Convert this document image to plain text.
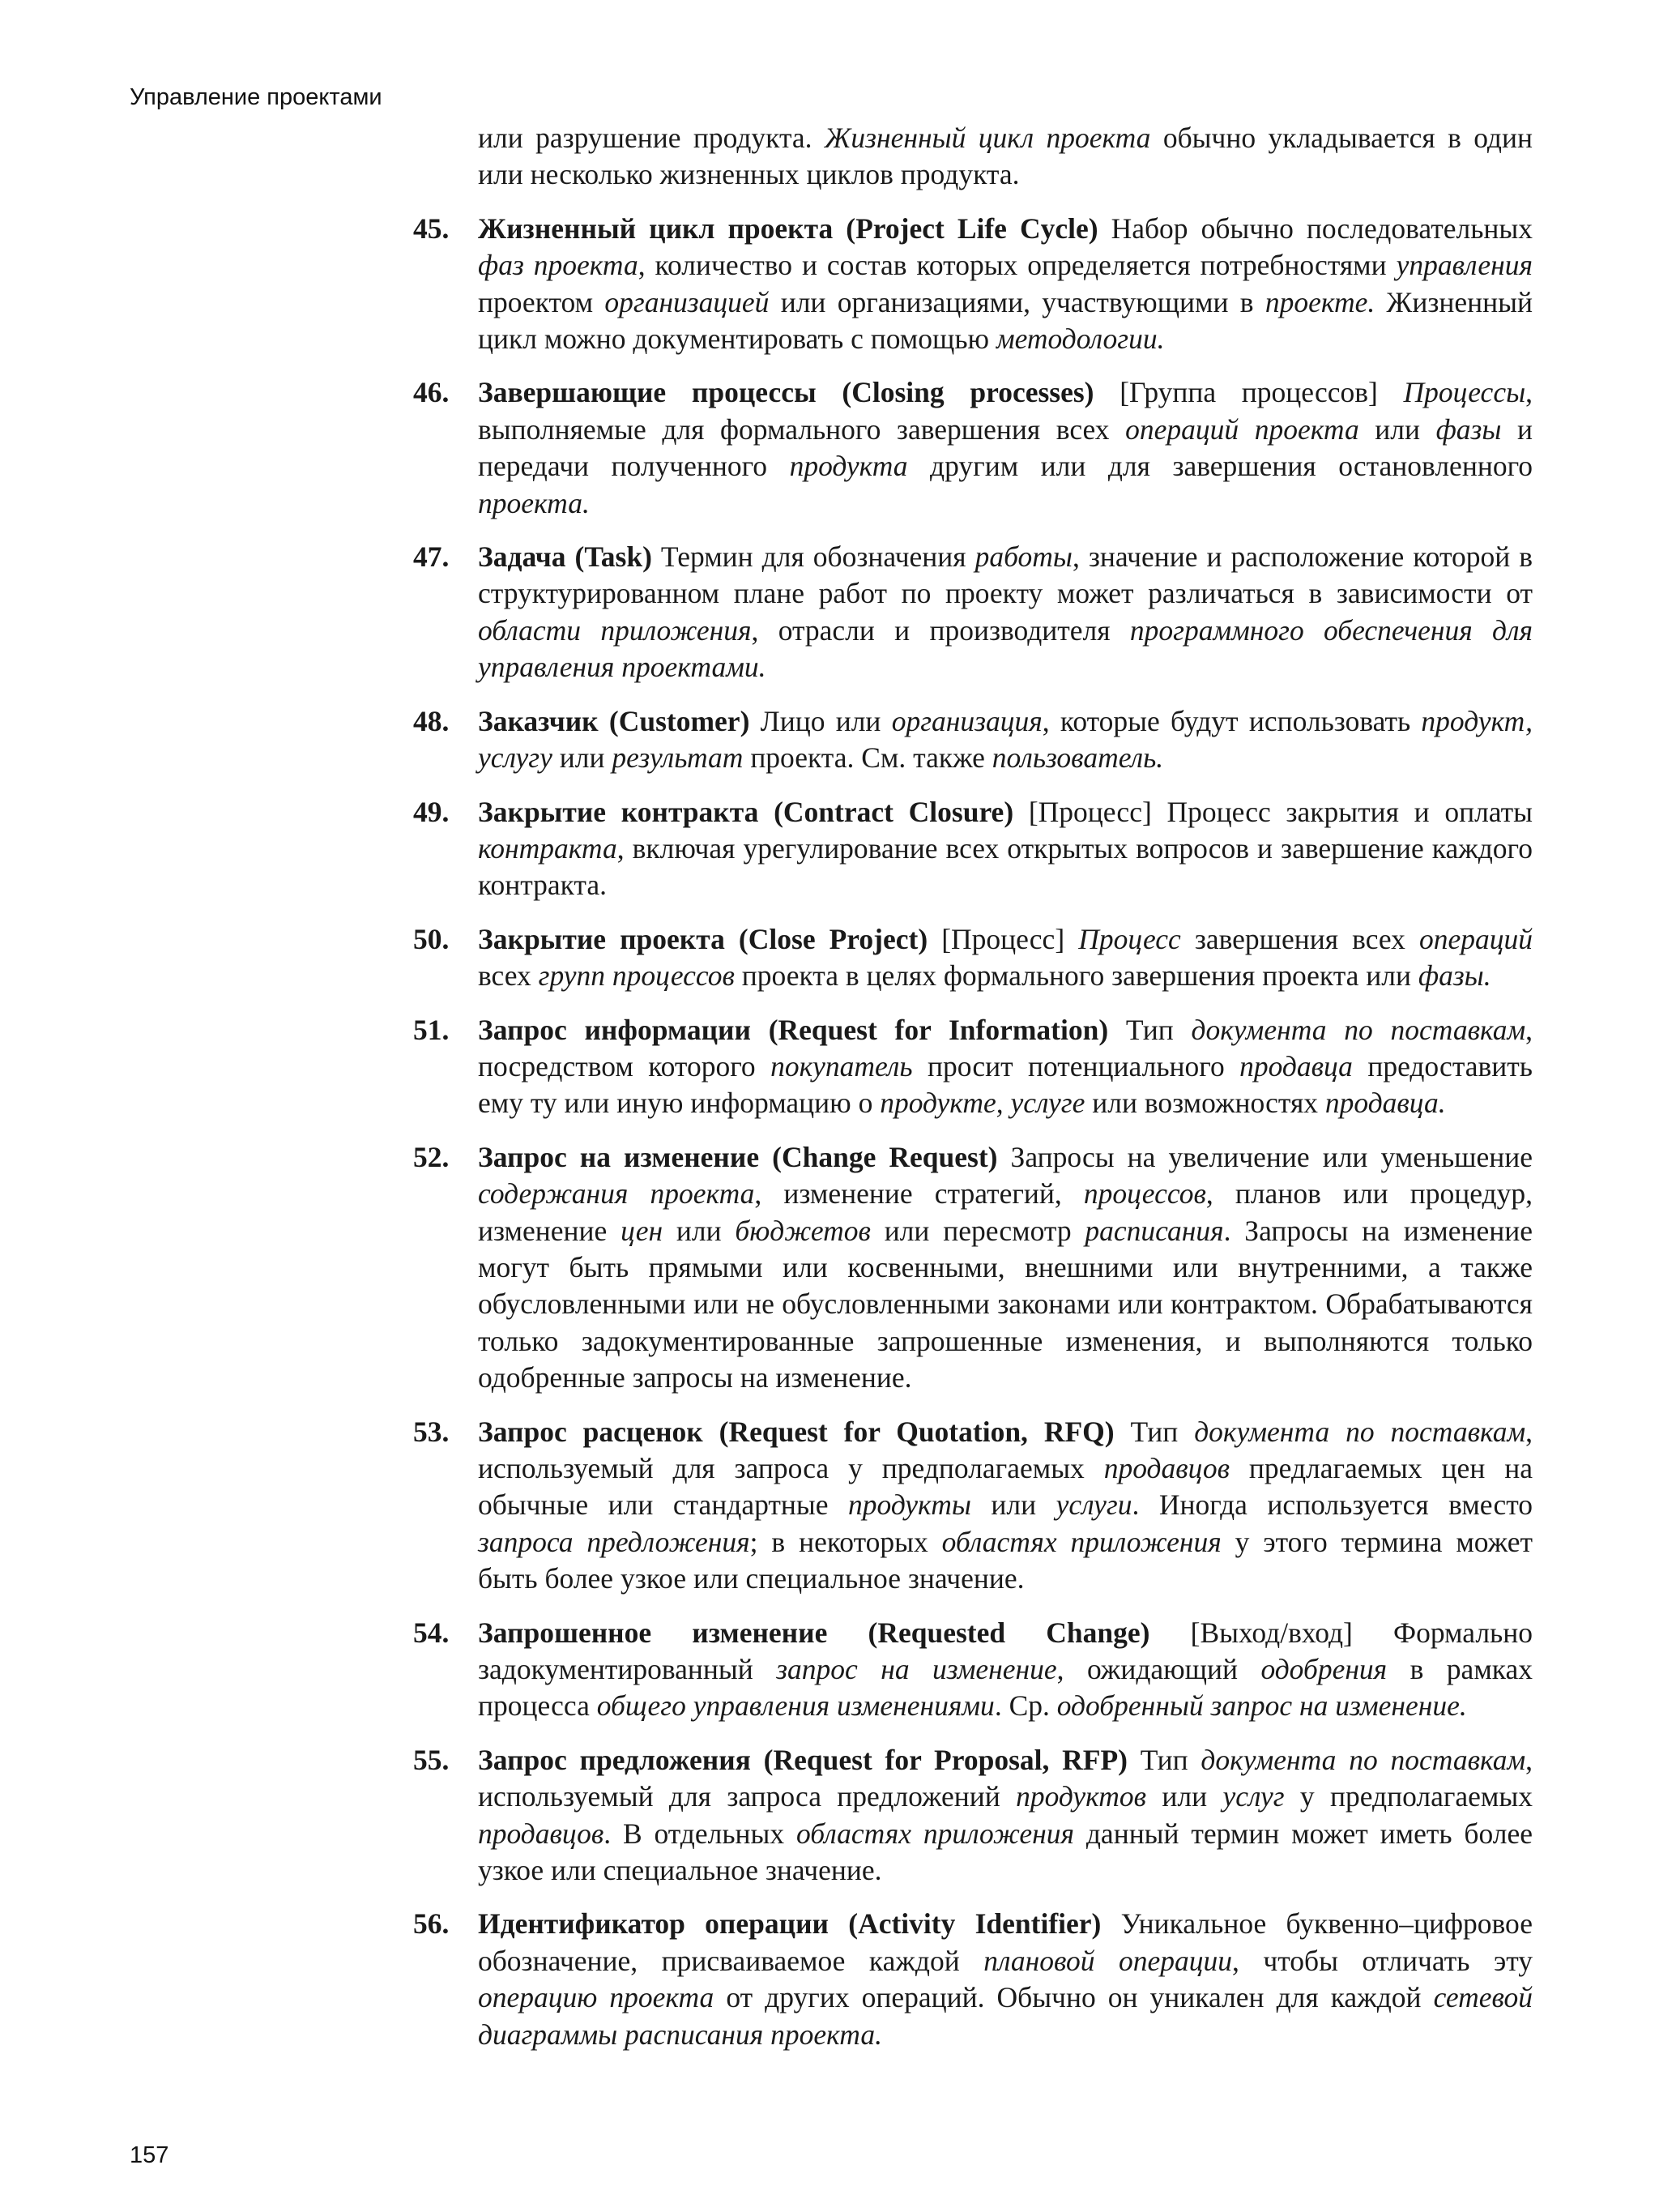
Управление проектами

или разрушение продукта. Жизненный цикл проекта обычно укладывается в один или несколько жизненных циклов продукта.

45. Жизненный цикл проекта (Project Life Cycle) Набор обычно последовательных фаз проекта, количество и состав которых определяется потребностями управления проектом организацией или организациями, участвующими в проекте. Жизненный цикл можно документировать с помощью методологии.

46. Завершающие процессы (Closing processes) [Группа процессов] Процессы, выполняемые для формального завершения всех операций проекта или фазы и передачи полученного продукта другим или для завершения остановленного проекта.

47. Задача (Task) Термин для обозначения работы, значение и расположение которой в структурированном плане работ по проекту может различаться в зависимости от области приложения, отрасли и производителя программного обеспечения для управления проектами.

48. Заказчик (Customer) Лицо или организация, которые будут использовать продукт, услугу или результат проекта. См. также пользователь.

49. Закрытие контракта (Contract Closure) [Процесс] Процесс закрытия и оплаты контракта, включая урегулирование всех открытых вопросов и завершение каждого контракта.

50. Закрытие проекта (Close Project) [Процесс] Процесс завершения всех операций всех групп процессов проекта в целях формального завершения проекта или фазы.

51. Запрос информации (Request for Information) Тип документа по поставкам, посредством которого покупатель просит потенциального продавца предоставить ему ту или иную информацию о продукте, услуге или возможностях продавца.

52. Запрос на изменение (Change Request) Запросы на увеличение или уменьшение содержания проекта, изменение стратегий, процессов, планов или процедур, изменение цен или бюджетов или пересмотр расписания. Запросы на изменение могут быть прямыми или косвенными, внешними или внутренними, а также обусловленными или не обусловленными законами или контрактом. Обрабатываются только задокументированные запрошенные изменения, и выполняются только одобренные запросы на изменение.

53. Запрос расценок (Request for Quotation, RFQ) Тип документа по поставкам, используемый для запроса у предполагаемых продавцов предлагаемых цен на обычные или стандартные продукты или услуги. Иногда используется вместо запроса предложения; в некоторых областях приложения у этого термина может быть более узкое или специальное значение.

54. Запрошенное изменение (Requested Change) [Выход/вход] Формально задокументированный запрос на изменение, ожидающий одобрения в рамках процесса общего управления изменениями. Ср. одобренный запрос на изменение.

55. Запрос предложения (Request for Proposal, RFP) Тип документа по поставкам, используемый для запроса предложений продуктов или услуг у предполагаемых продавцов. В отдельных областях приложения данный термин может иметь более узкое или специальное значение.

56. Идентификатор операции (Activity Identifier) Уникальное буквенно–цифровое обозначение, присваиваемое каждой плановой операции, чтобы отличать эту операцию проекта от других операций. Обычно он уникален для каждой сетевой диаграммы расписания проекта.

157
